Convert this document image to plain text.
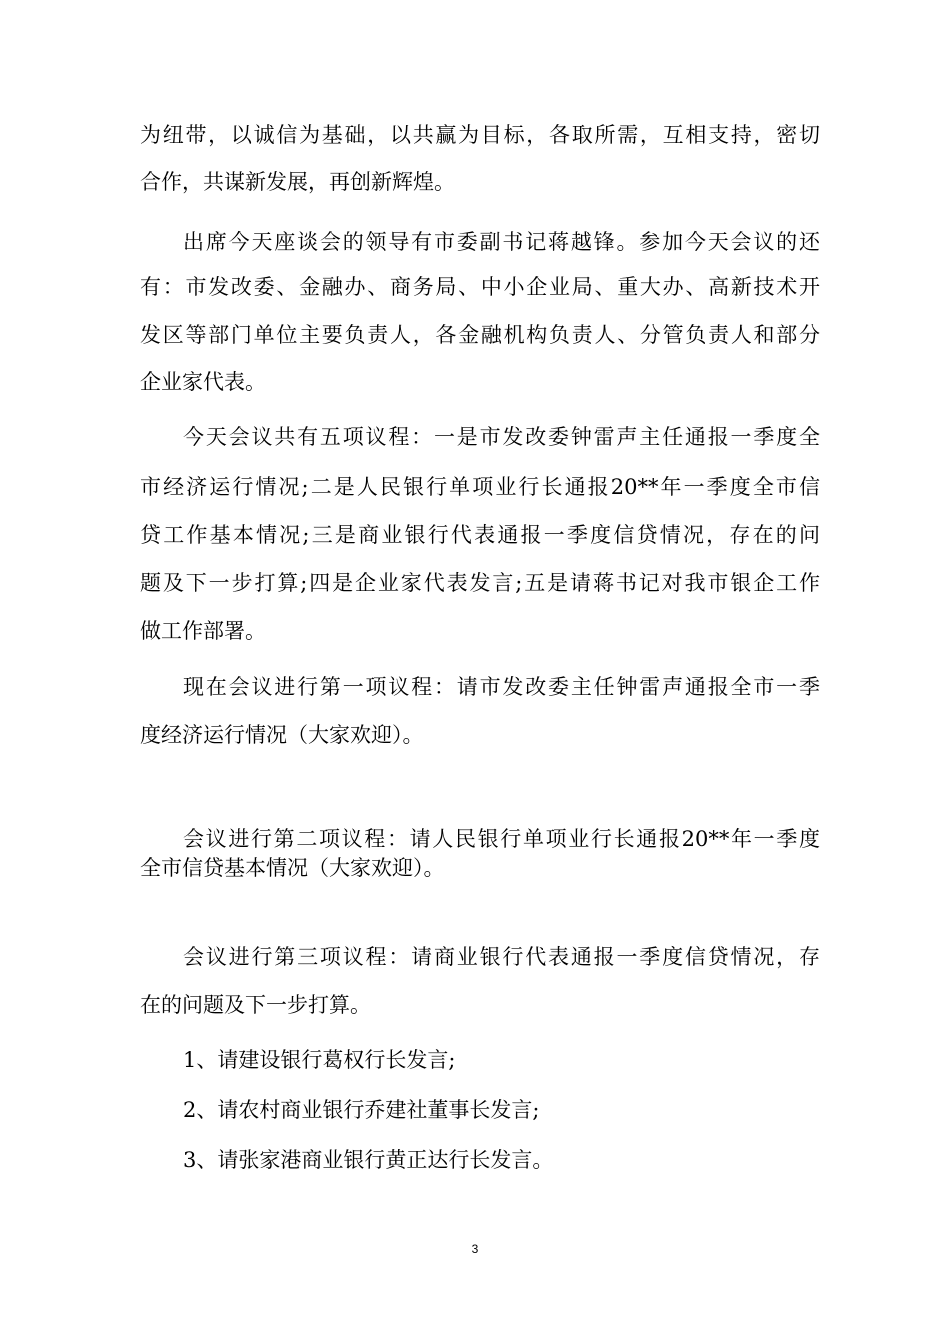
为纽带，以诚信为基础，以共赢为目标，各取所需，互相支持，密切
合作，共谋新发展，再创新辉煌。
出席今天座谈会的领导有市委副书记蒋越锋。参加今天会议的还
有：市发改委、金融办、商务局、中小企业局、重大办、高新技术开
发区等部门单位主要负责人，各金融机构负责人、分管负责人和部分
企业家代表。
今天会议共有五项议程：一是市发改委钟雷声主任通报一季度全
市经济运行情况;二是人民银行单项业行长通报20**年一季度全市信
贷工作基本情况;三是商业银行代表通报一季度信贷情况，存在的问
题及下一步打算;四是企业家代表发言;五是请蒋书记对我市银企工作
做工作部署。
现在会议进行第一项议程：请市发改委主任钟雷声通报全市一季
度经济运行情况（大家欢迎）。
会议进行第二项议程：请人民银行单项业行长通报20**年一季度
全市信贷基本情况（大家欢迎）。
会议进行第三项议程：请商业银行代表通报一季度信贷情况，存
在的问题及下一步打算。
1、请建设银行葛权行长发言;
2、请农村商业银行乔建社董事长发言;
3、请张家港商业银行黄正达行长发言。
3
